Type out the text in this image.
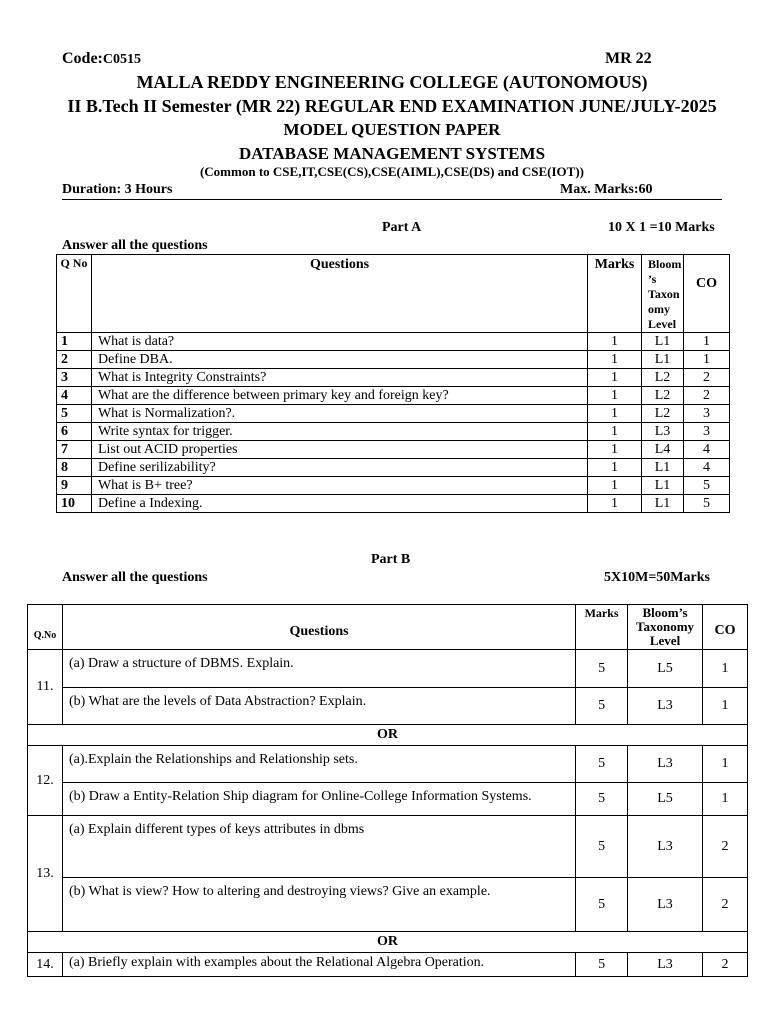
Code:C0515	MR 22
MALLA REDDY ENGINEERING COLLEGE (AUTONOMOUS)
II B.Tech II Semester (MR 22) REGULAR END EXAMINATION JUNE/JULY-2025
MODEL QUESTION PAPER
DATABASE MANAGEMENT SYSTEMS
(Common to CSE,IT,CSE(CS),CSE(AIML),CSE(DS) and CSE(IOT))
Duration: 3 Hours	Max. Marks:60
Part A	10 X 1 =10 Marks
Answer all the questions
Q No	Questions	Marks	Bloom ’s Taxon omy Level	CO
1	What is data?	1	L1	1
2	Define DBA.	1	L1	1
3	What is Integrity Constraints?	1	L2	2
4	What are the difference between primary key and foreign key?	1	L2	2
5	What is Normalization?.	1	L2	3
6	Write syntax for trigger.	1	L3	3
7	List out ACID properties	1	L4	4
8	Define serilizability?	1	L1	4
9	What is B+ tree?	1	L1	5
10	Define a Indexing.	1	L1	5
Part B
Answer all the questions	5X10M=50Marks
Q.No	Questions	Marks	Bloom’s Taxonomy Level	CO
11.	(a) Draw a structure of DBMS. Explain.	5	L5	1
	(b) What are the levels of Data Abstraction? Explain.	5	L3	1
OR				
12.	(a).Explain the Relationships and Relationship sets.	5	L3	1
	(b) Draw a Entity-Relation Ship diagram for Online-College Information Systems.	5	L5	1
13.	(a) Explain different types of keys attributes in dbms	5	L3	2
	(b) What is view? How to altering and destroying views? Give an example.	5	L3	2
OR				
14.	(a) Briefly explain with examples about the Relational Algebra Operation.	5	L3	2
